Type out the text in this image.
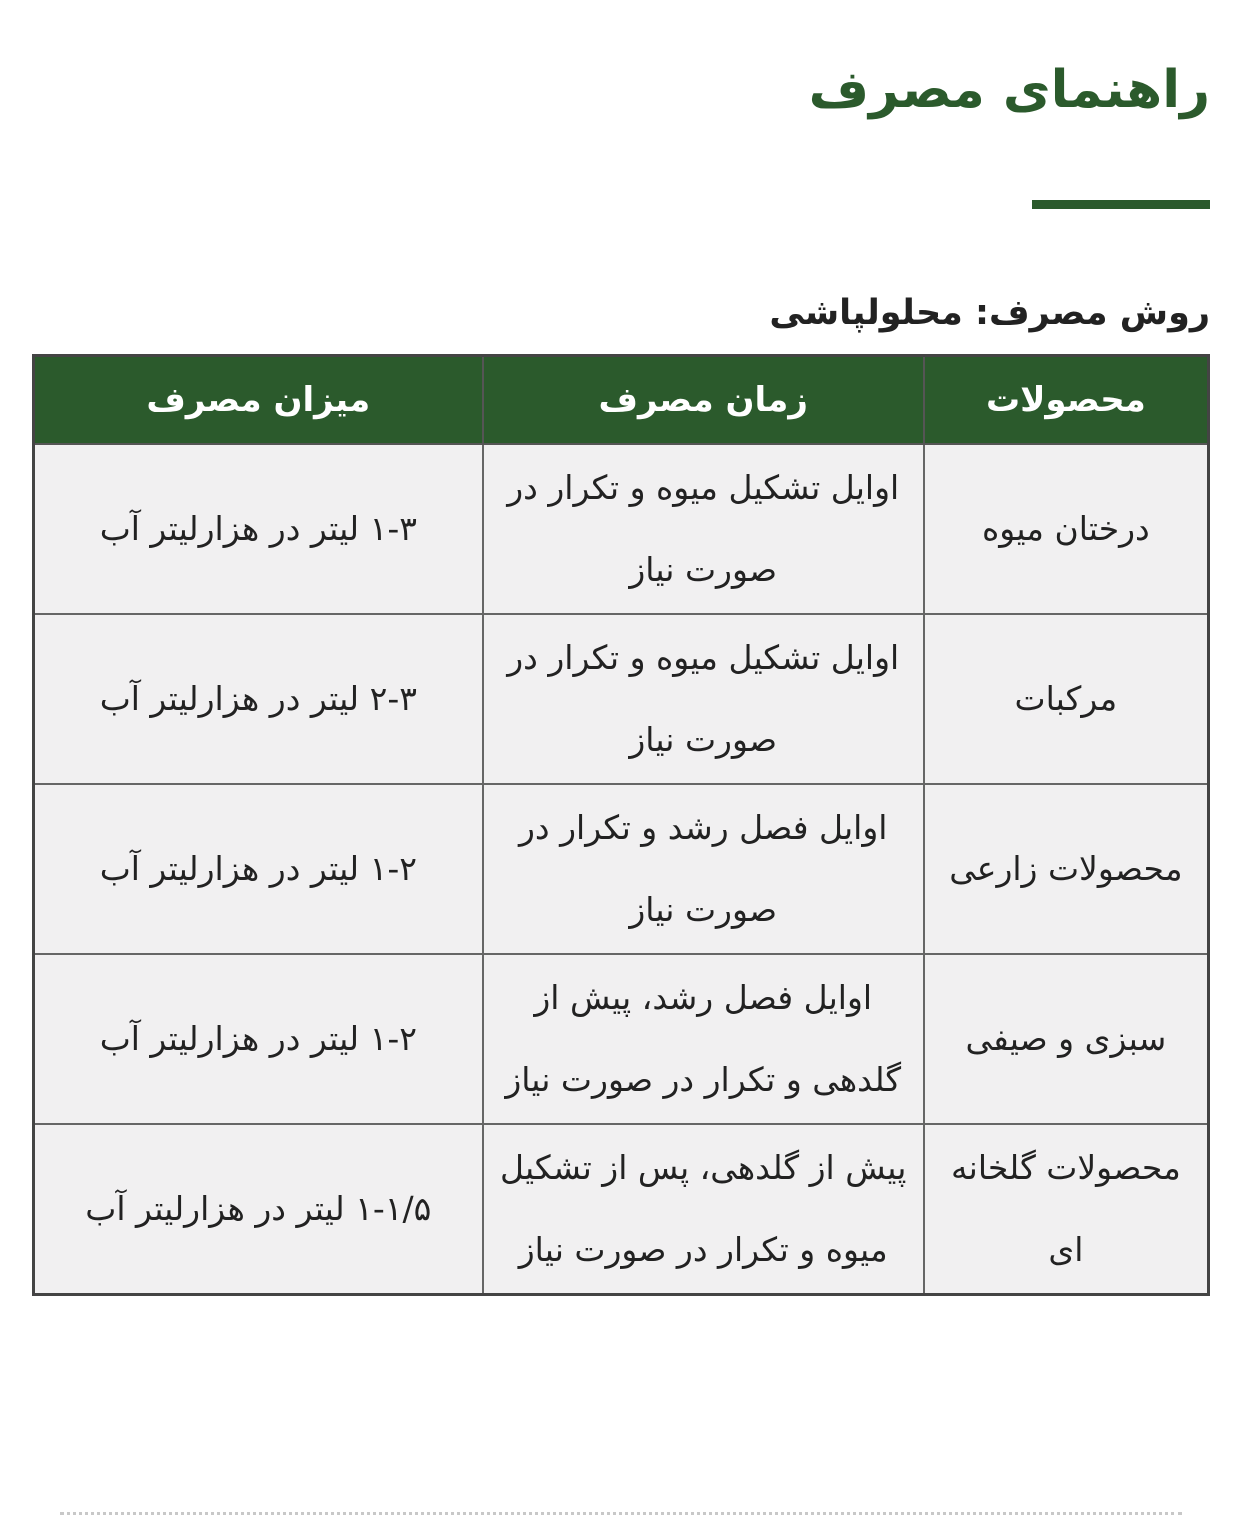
راهنمای مصرف
روش مصرف: محلولپاشی
محصولات	زمان مصرف	میزان مصرف
درختان میوه	اوایل تشکیل میوه و تکرار در صورت نیاز	۱-۳ لیتر در هزارلیتر آب
مرکبات	اوایل تشکیل میوه و تکرار در صورت نیاز	۲-۳ لیتر در هزارلیتر آب
محصولات زارعی	اوایل فصل رشد و تکرار در صورت نیاز	۱-۲ لیتر در هزارلیتر آب
سبزی و صیفی	اوایل فصل رشد، پیش از گلدهی و تکرار در صورت نیاز	۱-۲ لیتر در هزارلیتر آب
محصولات گلخانه ای	پیش از گلدهی، پس از تشکیل میوه و تکرار در صورت نیاز	۱-۱/۵ لیتر در هزارلیتر آب
